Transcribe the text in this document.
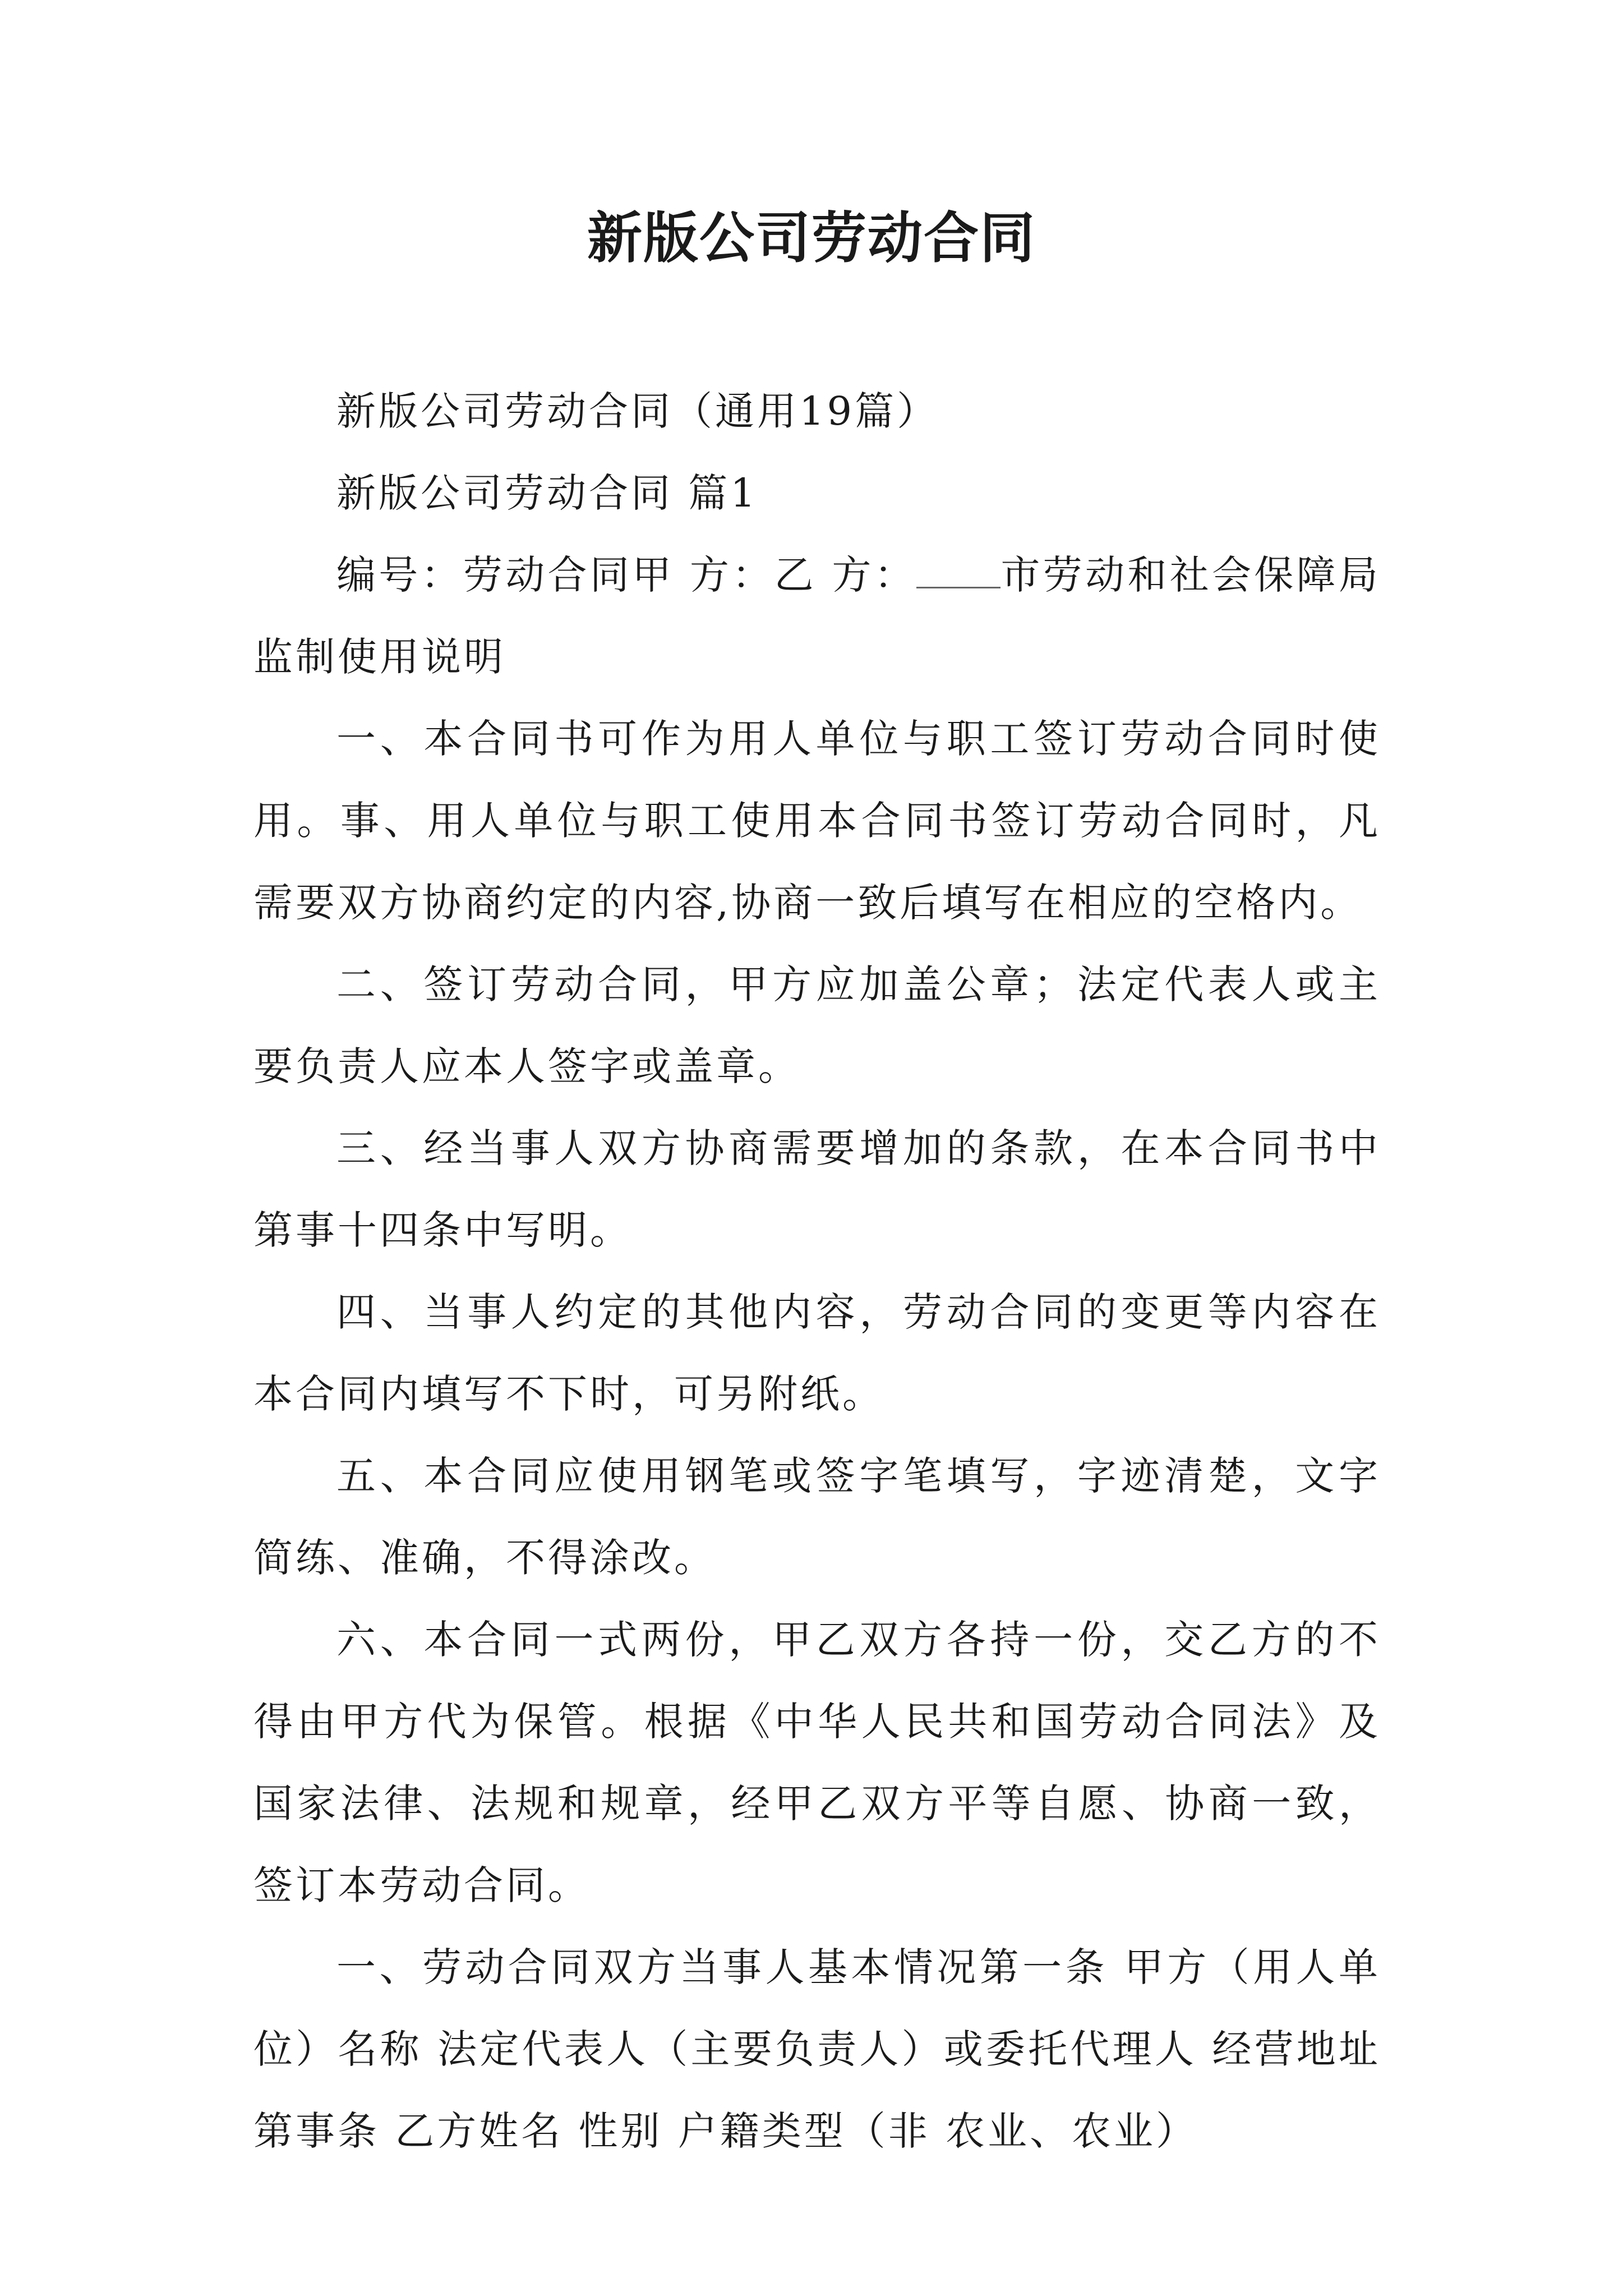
新版公司劳动合同

新版公司劳动合同（通用19篇）

新版公司劳动合同 篇1

编号：劳动合同甲 方：乙 方： 市劳动和社会保障局监制使用说明

一、本合同书可作为用人单位与职工签订劳动合同时使用。事、用人单位与职工使用本合同书签订劳动合同时，凡需要双方协商约定的内容,协商一致后填写在相应的空格内。

二、签订劳动合同，甲方应加盖公章；法定代表人或主要负责人应本人签字或盖章。

三、经当事人双方协商需要增加的条款，在本合同书中第事十四条中写明。

四、当事人约定的其他内容，劳动合同的变更等内容在本合同内填写不下时，可另附纸。

五、本合同应使用钢笔或签字笔填写，字迹清楚，文字简练、准确，不得涂改。

六、本合同一式两份，甲乙双方各持一份，交乙方的不得由甲方代为保管。根据《中华人民共和国劳动合同法》及国家法律、法规和规章，经甲乙双方平等自愿、协商一致，签订本劳动合同。

一、劳动合同双方当事人基本情况第一条 甲方（用人单位）名称 法定代表人（主要负责人）或委托代理人 经营地址第事条 乙方姓名 性别 户籍类型（非 农业、农业）
